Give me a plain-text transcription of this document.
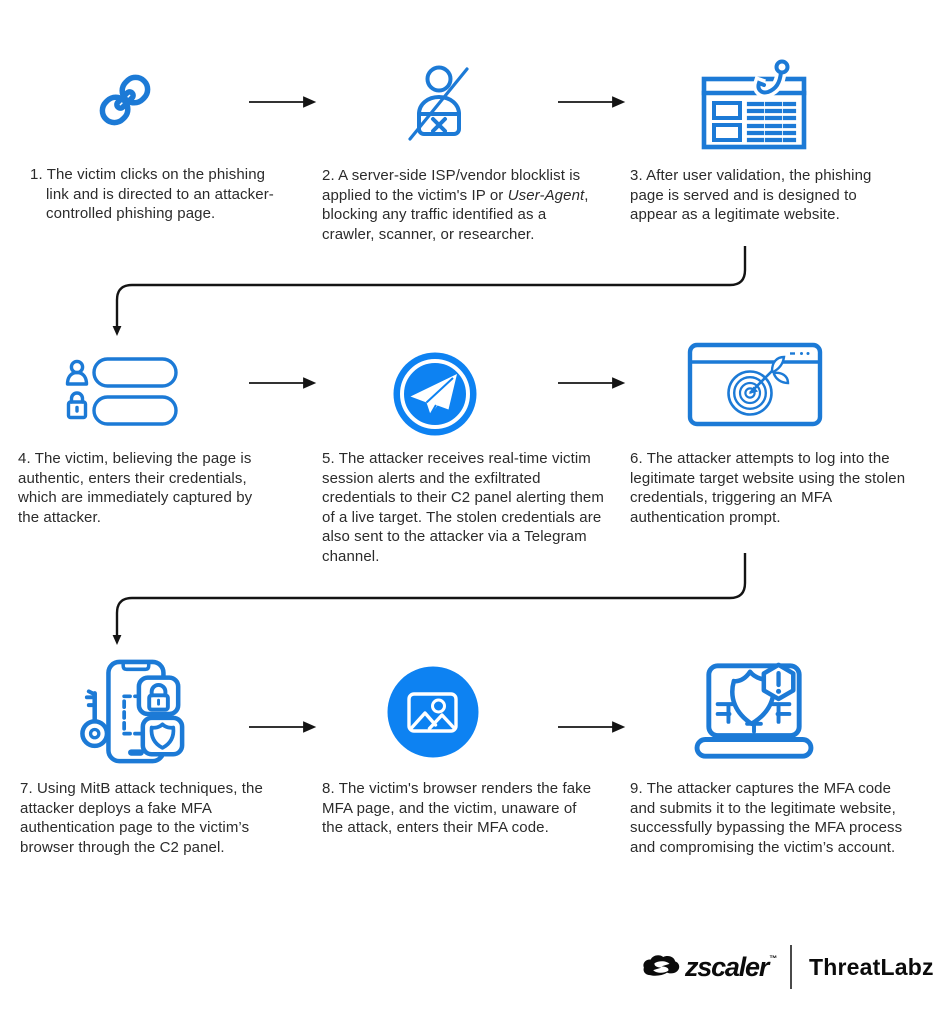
1. The victim clicks on the phishing link and is directed to an attacker-controlled phishing page.

2. A server-side ISP/vendor blocklist is applied to the victim's IP or User-Agent, blocking any traffic identified as a crawler, scanner, or researcher.

3. After user validation, the phishing page is served and is designed to appear as a legitimate website.

4. The victim, believing the page is authentic, enters their credentials, which are immediately captured by the attacker.

5. The attacker receives real-time victim session alerts and the exfiltrated credentials to their C2 panel alerting them of a live target. The stolen credentials are also sent to the attacker via a Telegram channel.

6. The attacker attempts to log into the legitimate target website using the stolen credentials, triggering an MFA authentication prompt.

7. Using MitB attack techniques, the attacker deploys a fake MFA authentication page to the victim’s browser through the C2 panel.

8. The victim's browser renders the fake MFA page, and the victim, unaware of the attack, enters their MFA code.

9. The attacker captures the MFA code and submits it to the legitimate website, successfully bypassing the MFA process and compromising the victim’s account.

zscaler™ ThreatLabz
